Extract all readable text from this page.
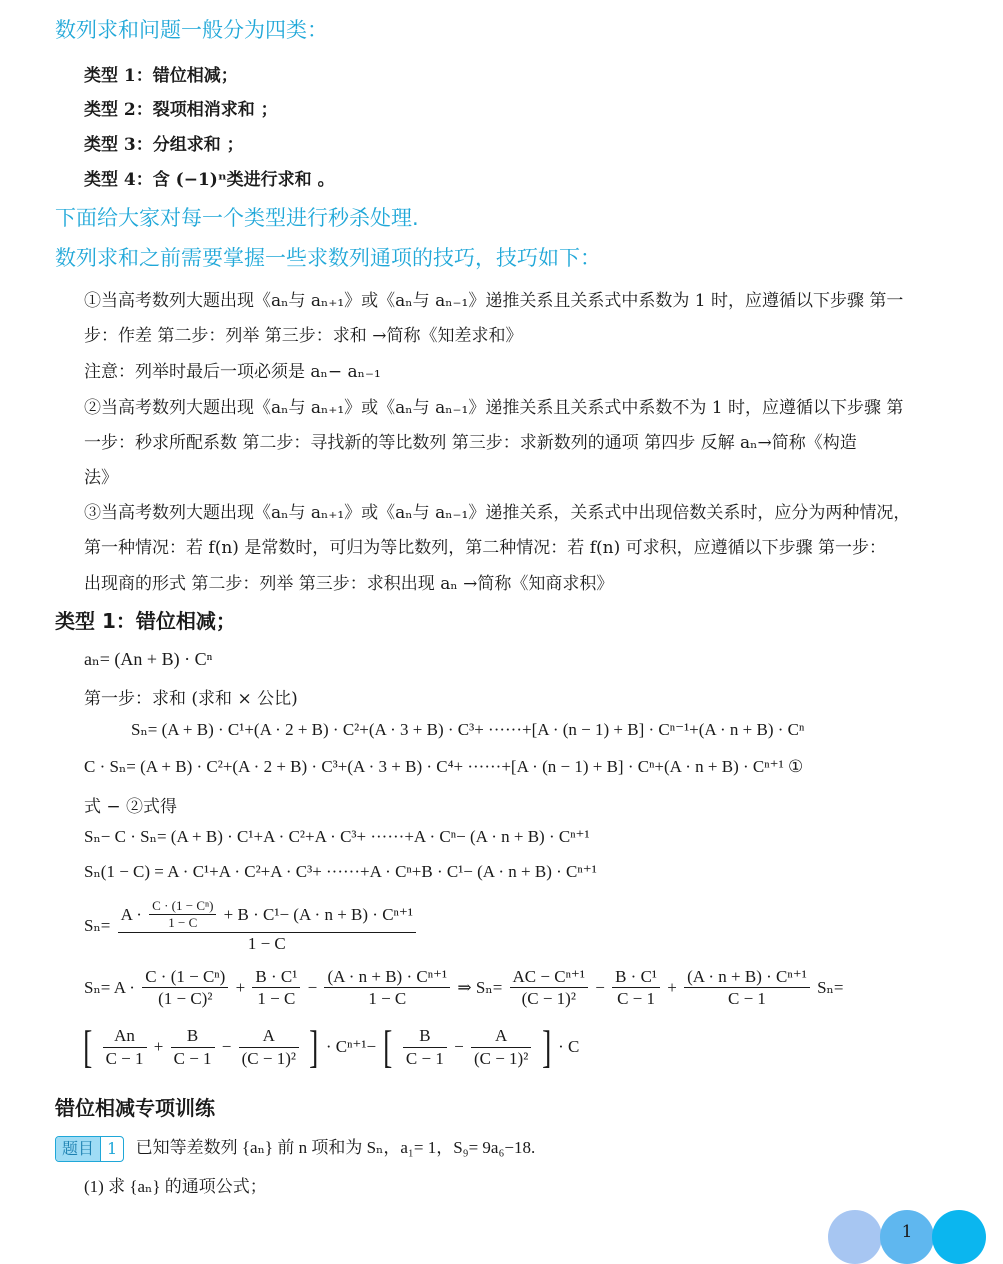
数列求和问题一般分为四类：
类型 1：错位相减；
类型 2：裂项相消求和 ；
类型 3：分组求和 ；
类型 4：含 (−1)ⁿ类进行求和 。
下面给大家对每一个类型进行秒杀处理.
数列求和之前需要掌握一些求数列通项的技巧，技巧如下：
①当高考数列大题出现《aₙ与 aₙ₊₁》或《aₙ与 aₙ₋₁》递推关系且关系式中系数为 1 时，应遵循以下步骤 第一
步：作差 第二步：列举 第三步：求和 →简称《知差求和》
注意：列举时最后一项必须是 aₙ− aₙ₋₁
②当高考数列大题出现《aₙ与 aₙ₊₁》或《aₙ与 aₙ₋₁》递推关系且关系式中系数不为 1 时，应遵循以下步骤 第
一步：秒求所配系数 第二步：寻找新的等比数列 第三步：求新数列的通项 第四步 反解 aₙ→简称《构造
法》
③当高考数列大题出现《aₙ与 aₙ₊₁》或《aₙ与 aₙ₋₁》递推关系，关系式中出现倍数关系时，应分为两种情况，
第一种情况：若 f(n) 是常数时，可归为等比数列，第二种情况：若 f(n) 可求积，应遵循以下步骤 第一步：
出现商的形式 第二步：列举 第三步：求积出现 aₙ →简称《知商求积》
类型 1：错位相减；
aₙ= (An + B) · Cⁿ
第一步：求和 (求和 × 公比)
Sₙ= (A + B) · C¹+(A · 2 + B) · C²+(A · 3 + B) · C³+ ······+[A · (n − 1) + B] · Cⁿ⁻¹+(A · n + B) · Cⁿ
C · Sₙ= (A + B) · C²+(A · 2 + B) · C³+(A · 3 + B) · C⁴+ ······+[A · (n − 1) + B] · Cⁿ+(A · n + B) · Cⁿ⁺¹ ①
式 − ②式得
Sₙ− C · Sₙ= (A + B) · C¹+A · C²+A · C³+ ······+A · Cⁿ− (A · n + B) · Cⁿ⁺¹
Sₙ(1 − C) = A · C¹+A · C²+A · C³+ ······+A · Cⁿ+B · C¹− (A · n + B) · Cⁿ⁺¹
Sₙ=
$A \cdot \frac{\text{C · (1 − Cⁿ)}}{1 - C} + B \cdot C^1- (A \cdot n + B) \cdot C^{n+1}$
1 − C
$S_n= A \cdot \frac{\text{C · (1 − Cⁿ)}}{\text{(1 − C)²}} + \frac{\text{B · C¹}}{1 - C} - \frac{\text{(A · n + B) · Cⁿ⁺¹}}{1 - C}$ ⇒ $S_n= \frac{\text{AC − Cⁿ⁺¹}}{\text{(C − 1)²}} - \frac{\text{B · C¹}}{C - 1} + \frac{\text{(A · n + B) · Cⁿ⁺¹}}{C - 1} S_n=$
[ $\frac{An}{C - 1} + \frac{B}{C - 1} - \frac{A}{\text{(C − 1)²}}$ ] · Cⁿ⁺¹− [ $\frac{B}{C - 1} - \frac{A}{\text{(C − 1)²}}$ ] · C
错位相减专项训练
题目 1 已知等差数列 {aₙ} 前 n 项和为 Sₙ，a₁= 1，S₉= 9a₆−18.
(1) 求 {aₙ} 的通项公式；
1
